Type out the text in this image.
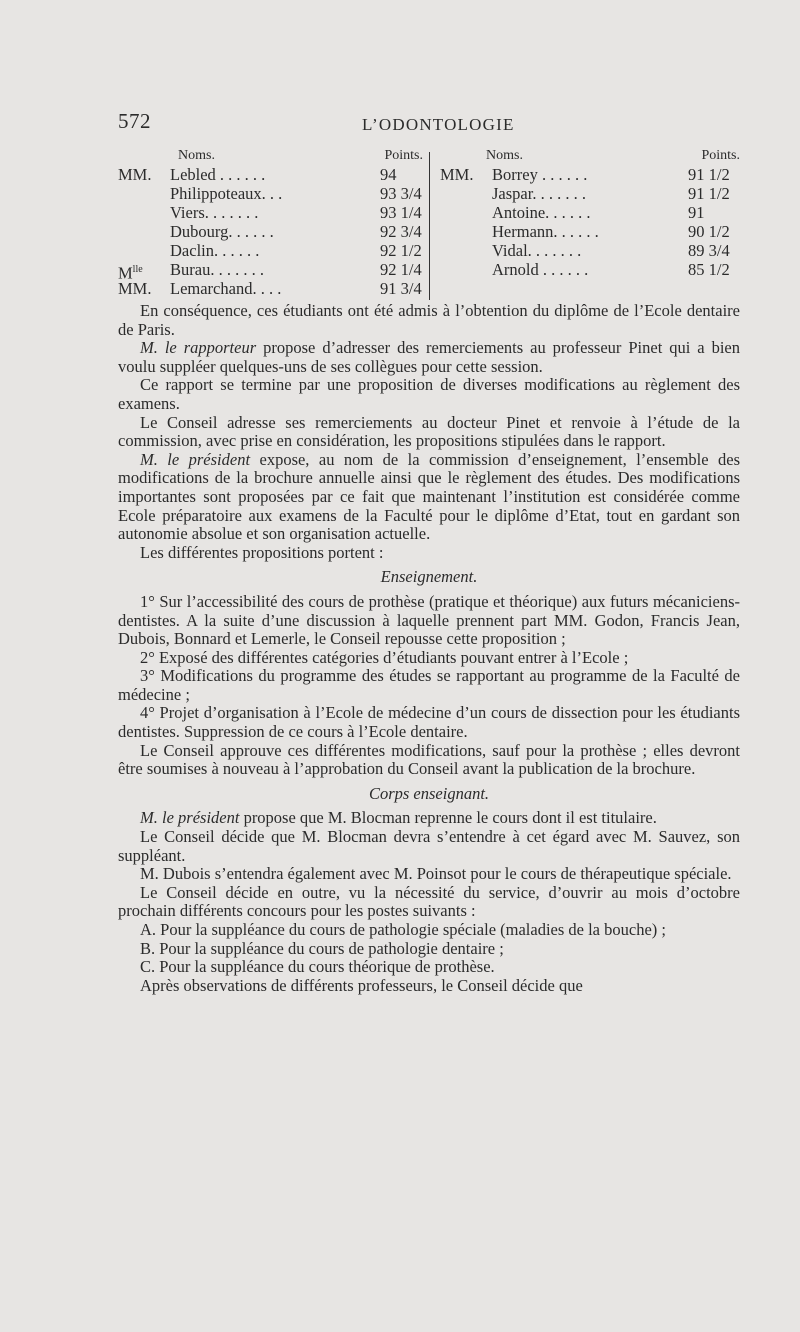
572	L’ODONTOLOGIE
Noms.	Points.
MM. Lebled . . . . . .	94
Philippoteaux. . .	93 3/4
Viers. . . . . . .	93 1/4
Dubourg. . . . . .	92 3/4
Daclin. . . . . .	92 1/2
$M^{lle}$ Burau. . . . . . .	92 1/4
MM. Lemarchand. . . .	91 3/4
Noms.	Points.
MM. Borrey . . . . . .	91 1/2
Jaspar. . . . . . .	91 1/2
Antoine. . . . . .	91
Hermann. . . . . .	90 1/2
Vidal. . . . . . .	89 3/4
Arnold . . . . . .	85 1/2

En conséquence, ces étudiants ont été admis à l’obtention du diplôme de l’Ecole dentaire de Paris.

M. le rapporteur propose d’adresser des remerciements au professeur Pinet qui a bien voulu suppléer quelques-uns de ses collègues pour cette session.

Ce rapport se termine par une proposition de diverses modifications au règlement des examens.

Le Conseil adresse ses remerciements au docteur Pinet et renvoie à l’étude de la commission, avec prise en considération, les propositions stipulées dans le rapport.

M. le président expose, au nom de la commission d’enseignement, l’ensemble des modifications de la brochure annuelle ainsi que le règlement des études. Des modifications importantes sont proposées par ce fait que maintenant l’institution est considérée comme Ecole préparatoire aux examens de la Faculté pour le diplôme d’Etat, tout en gardant son autonomie absolue et son organisation actuelle.

Les différentes propositions portent :

Enseignement.

1° Sur l’accessibilité des cours de prothèse (pratique et théorique) aux futurs mécaniciens-dentistes. A la suite d’une discussion à laquelle prennent part MM. Godon, Francis Jean, Dubois, Bonnard et Lemerle, le Conseil repousse cette proposition ;

2° Exposé des différentes catégories d’étudiants pouvant entrer à l’Ecole ;

3° Modifications du programme des études se rapportant au programme de la Faculté de médecine ;

4° Projet d’organisation à l’Ecole de médecine d’un cours de dissection pour les étudiants dentistes. Suppression de ce cours à l’Ecole dentaire.

Le Conseil approuve ces différentes modifications, sauf pour la prothèse ; elles devront être soumises à nouveau à l’approbation du Conseil avant la publication de la brochure.

Corps enseignant.

M. le président propose que M. Blocman reprenne le cours dont il est titulaire.

Le Conseil décide que M. Blocman devra s’entendre à cet égard avec M. Sauvez, son suppléant.

M. Dubois s’entendra également avec M. Poinsot pour le cours de thérapeutique spéciale.

Le Conseil décide en outre, vu la nécessité du service, d’ouvrir au mois d’octobre prochain différents concours pour les postes suivants :

A. Pour la suppléance du cours de pathologie spéciale (maladies de la bouche) ;

B. Pour la suppléance du cours de pathologie dentaire ;

C. Pour la suppléance du cours théorique de prothèse.

Après observations de différents professeurs, le Conseil décide que
